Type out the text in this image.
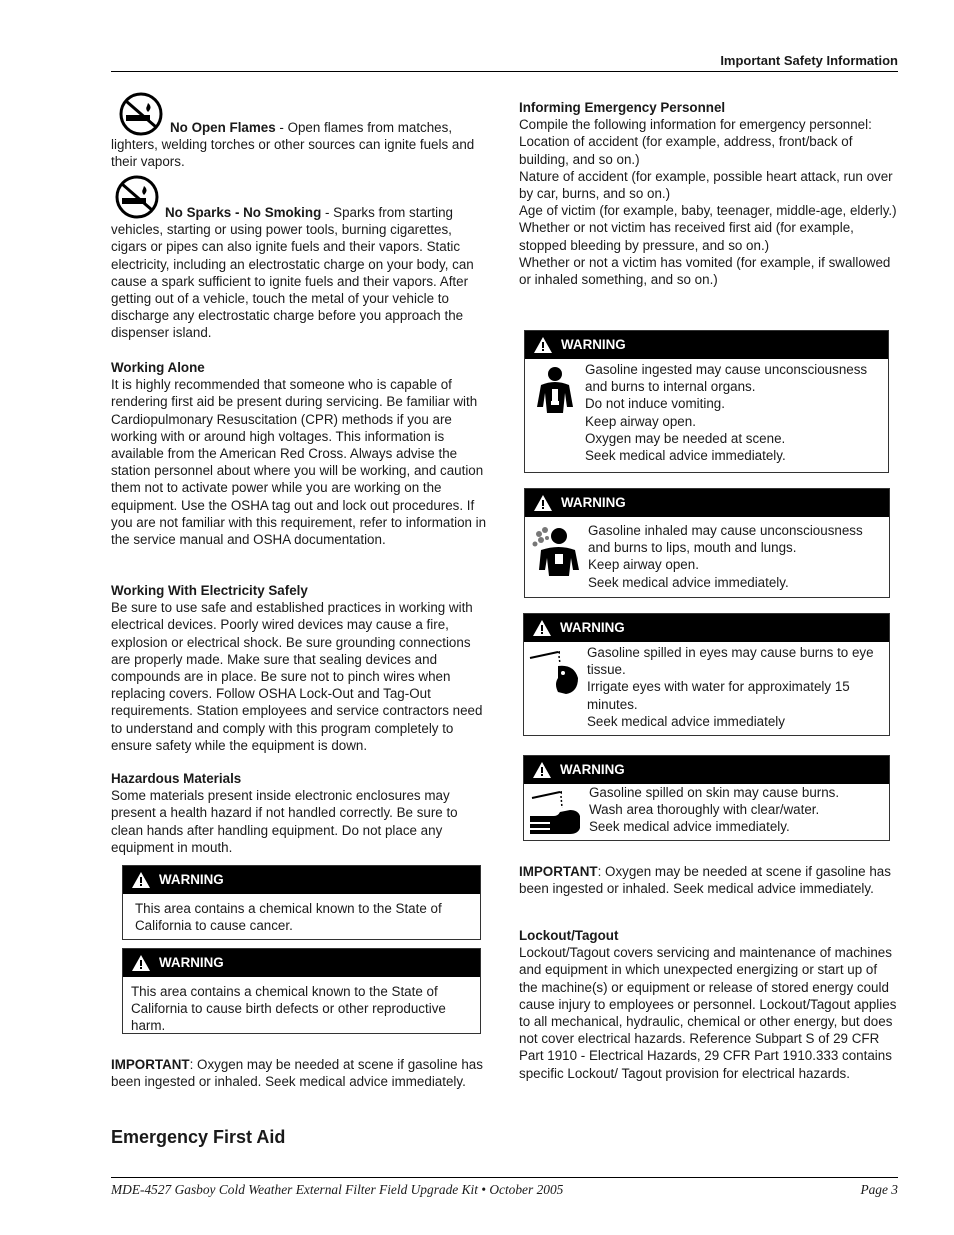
Important Safety Information

No Open Flames - Open flames from matches, lighters, welding torches or other sources can ignite fuels and their vapors.

No Sparks - No Smoking - Sparks from starting vehicles, starting or using power tools, burning cigarettes, cigars or pipes can also ignite fuels and their vapors. Static electricity, including an electrostatic charge on your body, can cause a spark sufficient to ignite fuels and their vapors. After getting out of a vehicle, touch the metal of your vehicle to discharge any electrostatic charge before you approach the dispenser island.

Working Alone

It is highly recommended that someone who is capable of rendering first aid be present during servicing. Be familiar with Cardiopulmonary Resuscitation (CPR) methods if you are working with or around high voltages. This information is available from the American Red Cross. Always advise the station personnel about where you will be working, and caution them not to activate power while you are working on the equipment. Use the OSHA tag out and lock out procedures. If you are not familiar with this requirement, refer to information in the service manual and OSHA documentation.

Working With Electricity Safely

Be sure to use safe and established practices in working with electrical devices. Poorly wired devices may cause a fire, explosion or electrical shock. Be sure grounding connections are properly made. Make sure that sealing devices and compounds are in place. Be sure not to pinch wires when replacing covers. Follow OSHA Lock-Out and Tag-Out requirements. Station employees and service contractors need to understand and comply with this program completely to ensure safety while the equipment is down.

Hazardous Materials

Some materials present inside electronic enclosures may present a health hazard if not handled correctly. Be sure to clean hands after handling equipment. Do not place any equipment in mouth.

WARNING
This area contains a chemical known to the State of California to cause cancer.
WARNING
This area contains a chemical known to the State of California to cause birth defects or other reproductive harm.

IMPORTANT: Oxygen may be needed at scene if gasoline has been ingested or inhaled. Seek medical advice immediately.

Emergency First Aid

Informing Emergency Personnel

Compile the following information for emergency personnel:

Location of accident (for example, address, front/back of building, and so on.)

Nature of accident (for example, possible heart attack, run over by car, burns, and so on.)

Age of victim (for example, baby, teenager, middle-age, elderly.)

Whether or not victim has received first aid (for example, stopped bleeding by pressure, and so on.)

Whether or not a victim has vomited (for example, if swallowed or inhaled something, and so on.)

WARNING

Gasoline ingested may cause unconsciousness and burns to internal organs.

Do not induce vomiting.

Keep airway open.

Oxygen may be needed at scene.

Seek medical advice immediately.

WARNING

Gasoline inhaled may cause unconsciousness and burns to lips, mouth and lungs.

Keep airway open.

Seek medical advice immediately.

WARNING

Gasoline spilled in eyes may cause burns to eye tissue.

Irrigate eyes with water for approximately 15 minutes.

Seek medical advice immediately

WARNING

Gasoline spilled on skin may cause burns.

Wash area thoroughly with clear/water.

Seek medical advice immediately.

IMPORTANT: Oxygen may be needed at scene if gasoline has been ingested or inhaled. Seek medical advice immediately.

Lockout/Tagout

Lockout/Tagout covers servicing and maintenance of machines and equipment in which unexpected energizing or start up of the machine(s) or equipment or release of stored energy could cause injury to employees or personnel. Lockout/Tagout applies to all mechanical, hydraulic, chemical or other energy, but does not cover electrical hazards. Reference Subpart S of 29 CFR Part 1910 - Electrical Hazards, 29 CFR Part 1910.333 contains specific Lockout/ Tagout provision for electrical hazards.

MDE-4527 Gasboy Cold Weather External Filter Field Upgrade Kit • October 2005	Page 3
